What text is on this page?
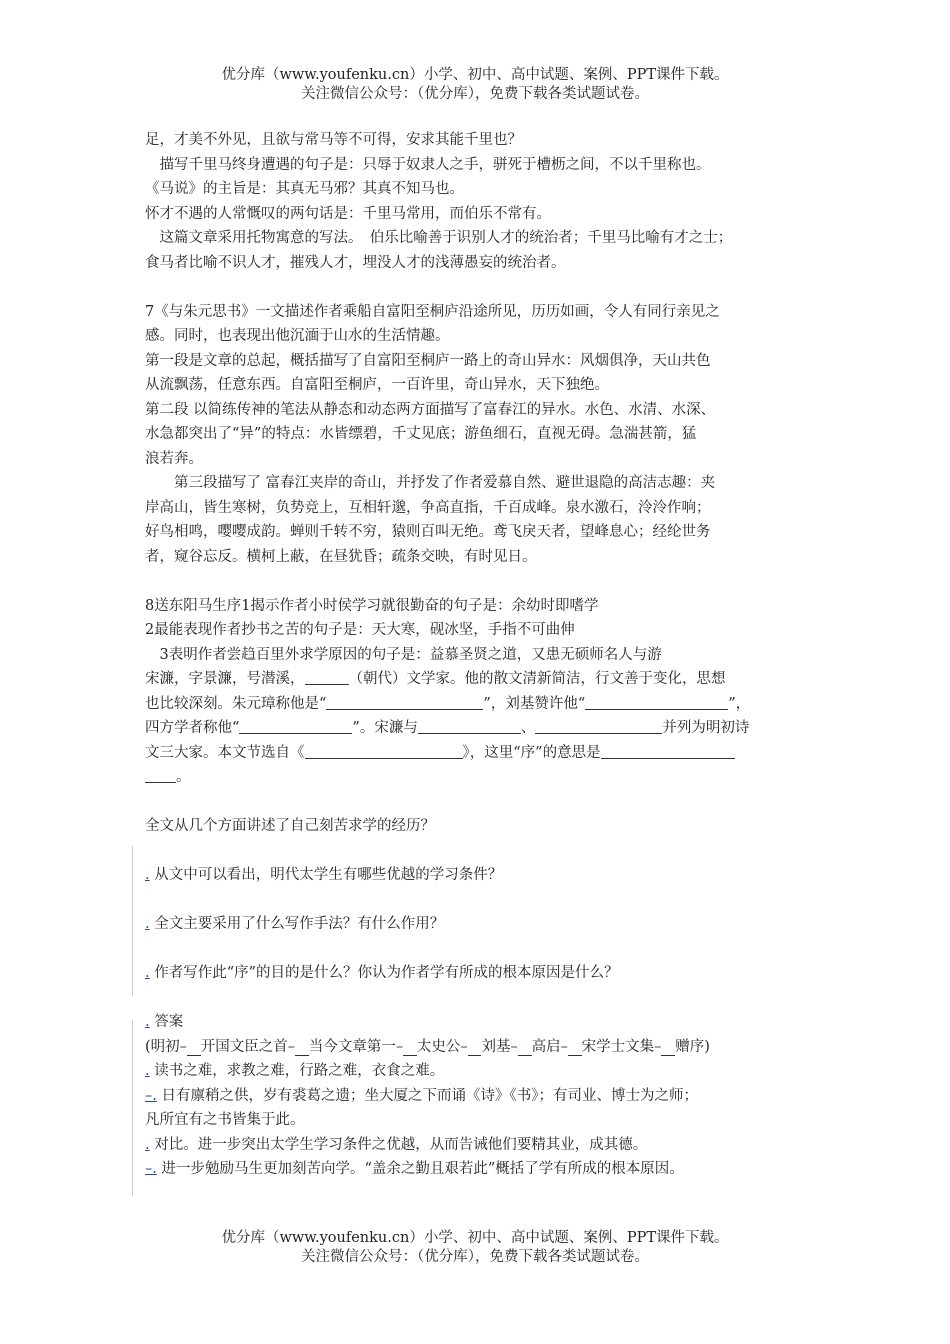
优分库（www.youfenku.cn）小学、初中、高中试题、案例、PPT课件下载。
关注微信公众号：（优分库），免费下载各类试题试卷。
足，才美不外见，且欲与常马等不可得，安求其能千里也？
　描写千里马终身遭遇的句子是：只辱于奴隶人之手，骈死于槽枥之间，不以千里称也。
《马说》的主旨是：其真无马邪？其真不知马也。
怀才不遇的人常慨叹的两句话是：千里马常用，而伯乐不常有。
　这篇文章采用托物寓意的写法。　伯乐比喻善于识别人才的统治者；千里马比喻有才之士；
食马者比喻不识人才，摧残人才，埋没人才的浅薄愚妄的统治者。
7《与朱元思书》一文描述作者乘船自富阳至桐庐沿途所见，历历如画，令人有同行亲见之
感。同时，也表现出他沉湎于山水的生活情趣。
第一段是文章的总起，概括描写了自富阳至桐庐一路上的奇山异水：风烟俱净，天山共色
从流飘荡，任意东西。自富阳至桐庐，一百许里，奇山异水，天下独绝。
第二段 以简练传神的笔法从静态和动态两方面描写了富春江的异水。水色、水清、水深、
水急都突出了“异”的特点：水皆缥碧，千丈见底；游鱼细石，直视无碍。急湍甚箭，猛
浪若奔。
　　第三段描写了 富春江夹岸的奇山，并抒发了作者爱慕自然、避世退隐的高洁志趣：夹
岸高山，皆生寒树，负势竞上，互相轩邈，争高直指，千百成峰。泉水激石，泠泠作响；
好鸟相鸣，嘤嘤成韵。蝉则千转不穷，猿则百叫无绝。鸢飞戾天者，望峰息心；经纶世务
者，窥谷忘反。横柯上蔽，在昼犹昏；疏条交映，有时见日。
8送东阳马生序1揭示作者小时侯学习就很勤奋的句子是：余幼时即嗜学
2最能表现作者抄书之苦的句子是：天大寒，砚冰坚，手指不可曲伸
　3表明作者尝趋百里外求学原因的句子是：益慕圣贤之道，又患无硕师名人与游
宋濂，字景濂，号潜溪，	（朝代）文学家。他的散文清新简洁，行文善于变化，思想
也比较深刻。朱元璋称他是“	”，刘基赞许他“	”，
四方学者称他“	”。宋濂与	、	并列为明初诗
文三大家。本文节选自《	》，这里“序”的意思是
。
全文从几个方面讲述了自己刻苦求学的经历？
. 从文中可以看出，明代太学生有哪些优越的学习条件？
. 全文主要采用了什么写作手法？有什么作用？
. 作者写作此“序”的目的是什么？你认为作者学有所成的根本原因是什么？
. 答案
(明初– 开国文臣之首– 当今文章第一– 太史公– 刘基– 高启– 宋学士文集– 赠序)
. 读书之难，求教之难，行路之难，衣食之难。
–. 日有廪稍之供，岁有裘葛之遗；坐大厦之下而诵《诗》《书》；有司业、博士为之师；
凡所宜有之书皆集于此。
. 对比。进一步突出太学生学习条件之优越，从而告诫他们要精其业，成其德。
–. 进一步勉励马生更加刻苦向学。“盖余之勤且艰若此”概括了学有所成的根本原因。
优分库（www.youfenku.cn）小学、初中、高中试题、案例、PPT课件下载。
关注微信公众号：（优分库），免费下载各类试题试卷。
